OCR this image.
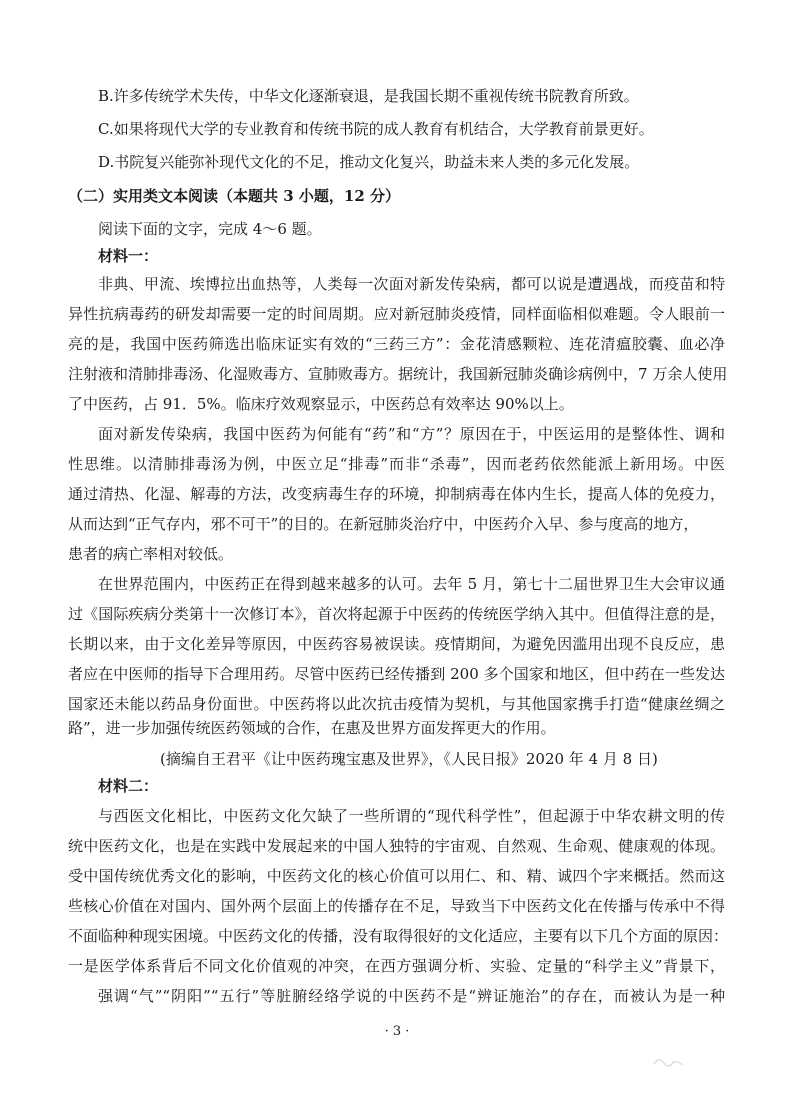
B.许多传统学术失传，中华文化逐渐衰退，是我国长期不重视传统书院教育所致。
C.如果将现代大学的专业教育和传统书院的成人教育有机结合，大学教育前景更好。
D.书院复兴能弥补现代文化的不足，推动文化复兴，助益未来人类的多元化发展。
（二）实用类文本阅读（本题共 3 小题，12 分）
阅读下面的文字，完成 4～6 题。
材料一：
非典、甲流、埃博拉出血热等，人类每一次面对新发传染病，都可以说是遭遇战，而疫苗和特
异性抗病毒药的研发却需要一定的时间周期。应对新冠肺炎疫情，同样面临相似难题。令人眼前一
亮的是，我国中医药筛选出临床证实有效的“三药三方”：金花清感颗粒、连花清瘟胶囊、血必净
注射液和清肺排毒汤、化湿败毒方、宣肺败毒方。据统计，我国新冠肺炎确诊病例中，7 万余人使用
了中医药，占 91．5%。临床疗效观察显示，中医药总有效率达 90%以上。
面对新发传染病，我国中医药为何能有“药”和“方”？原因在于，中医运用的是整体性、调和
性思维。以清肺排毒汤为例，中医立足“排毒”而非“杀毒”，因而老药依然能派上新用场。中医
通过清热、化湿、解毒的方法，改变病毒生存的环境，抑制病毒在体内生长，提高人体的免疫力，
从而达到“正气存内，邪不可干”的目的。在新冠肺炎治疗中，中医药介入早、参与度高的地方，
患者的病亡率相对较低。
在世界范围内，中医药正在得到越来越多的认可。去年 5 月，第七十二届世界卫生大会审议通
过《国际疾病分类第十一次修订本》，首次将起源于中医药的传统医学纳入其中。但值得注意的是，
长期以来，由于文化差异等原因，中医药容易被误读。疫情期间，为避免因滥用出现不良反应，患
者应在中医师的指导下合理用药。尽管中医药已经传播到 200 多个国家和地区，但中药在一些发达
国家还未能以药品身份面世。中医药将以此次抗击疫情为契机，与其他国家携手打造“健康丝绸之
路”，进一步加强传统医药领域的合作，在惠及世界方面发挥更大的作用。
(摘编自王君平《让中医药瑰宝惠及世界》，《人民日报》2020 年 4 月 8 日)
材料二：
与西医文化相比，中医药文化欠缺了一些所谓的“现代科学性”，但起源于中华农耕文明的传
统中医药文化，也是在实践中发展起来的中国人独特的宇宙观、自然观、生命观、健康观的体现。
受中国传统优秀文化的影响，中医药文化的核心价值可以用仁、和、精、诚四个字来概括。然而这
些核心价值在对国内、国外两个层面上的传播存在不足，导致当下中医药文化在传播与传承中不得
不面临种种现实困境。中医药文化的传播，没有取得很好的文化适应，主要有以下几个方面的原因：
一是医学体系背后不同文化价值观的冲突，在西方强调分析、实验、定量的“科学主义”背景下，
强调“气”“阴阳”“五行”等脏腑经络学说的中医药不是“辨证施治”的存在，而被认为是一种
· 3 ·
